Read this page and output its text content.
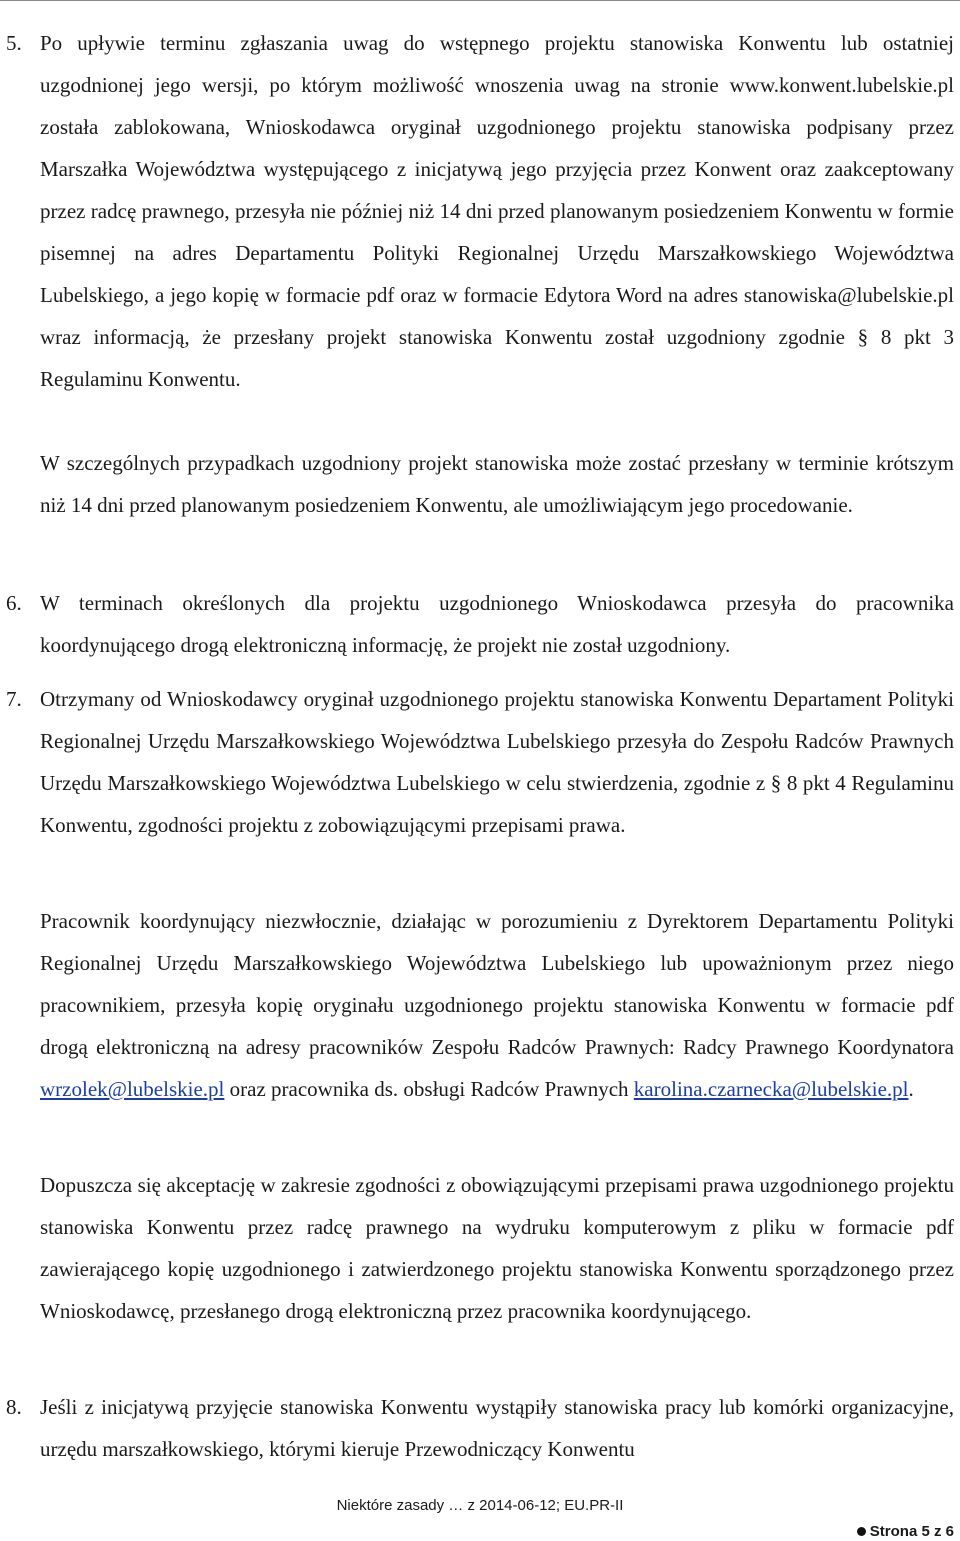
5. Po upływie terminu zgłaszania uwag do wstępnego projektu stanowiska Konwentu lub ostatniej uzgodnionej jego wersji, po którym możliwość wnoszenia uwag na stronie www.konwent.lubelskie.pl została zablokowana, Wnioskodawca oryginał uzgodnionego projektu stanowiska podpisany przez Marszałka Województwa występującego z inicjatywą jego przyjęcia przez Konwent oraz zaakceptowany przez radcę prawnego, przesyła nie później niż 14 dni przed planowanym posiedzeniem Konwentu w formie pisemnej na adres Departamentu Polityki Regionalnej Urzędu Marszałkowskiego Województwa Lubelskiego, a jego kopię w formacie pdf oraz w formacie Edytora Word na adres stanowiska@lubelskie.pl wraz informacją, że przesłany projekt stanowiska Konwentu został uzgodniony zgodnie § 8 pkt 3 Regulaminu Konwentu.

W szczególnych przypadkach uzgodniony projekt stanowiska może zostać przesłany w terminie krótszym niż 14 dni przed planowanym posiedzeniem Konwentu, ale umożliwiającym jego procedowanie.

6. W terminach określonych dla projektu uzgodnionego Wnioskodawca przesyła do pracownika koordynującego drogą elektroniczną informację, że projekt nie został uzgodniony.

7. Otrzymany od Wnioskodawcy oryginał uzgodnionego projektu stanowiska Konwentu Departament Polityki Regionalnej Urzędu Marszałkowskiego Województwa Lubelskiego przesyła do Zespołu Radców Prawnych Urzędu Marszałkowskiego Województwa Lubelskiego w celu stwierdzenia, zgodnie z § 8 pkt 4 Regulaminu Konwentu, zgodności projektu z zobowiązującymi przepisami prawa.

Pracownik koordynujący niezwłocznie, działając w porozumieniu z Dyrektorem Departamentu Polityki Regionalnej Urzędu Marszałkowskiego Województwa Lubelskiego lub upoważnionym przez niego pracownikiem, przesyła kopię oryginału uzgodnionego projektu stanowiska Konwentu w formacie pdf drogą elektroniczną na adresy pracowników Zespołu Radców Prawnych: Radcy Prawnego Koordynatora wrzolek@lubelskie.pl oraz pracownika ds. obsługi Radców Prawnych karolina.czarnecka@lubelskie.pl.

Dopuszcza się akceptację w zakresie zgodności z obowiązującymi przepisami prawa uzgodnionego projektu stanowiska Konwentu przez radcę prawnego na wydruku komputerowym z pliku w formacie pdf zawierającego kopię uzgodnionego i zatwierdzonego projektu stanowiska Konwentu sporządzonego przez Wnioskodawcę, przesłanego drogą elektroniczną przez pracownika koordynującego.

8. Jeśli z inicjatywą przyjęcie stanowiska Konwentu wystąpiły stanowiska pracy lub komórki organizacyjne, urzędu marszałkowskiego, którymi kieruje Przewodniczący Konwentu

Niektóre zasady … z 2014-06-12; EU.PR-II
Strona 5 z 6
